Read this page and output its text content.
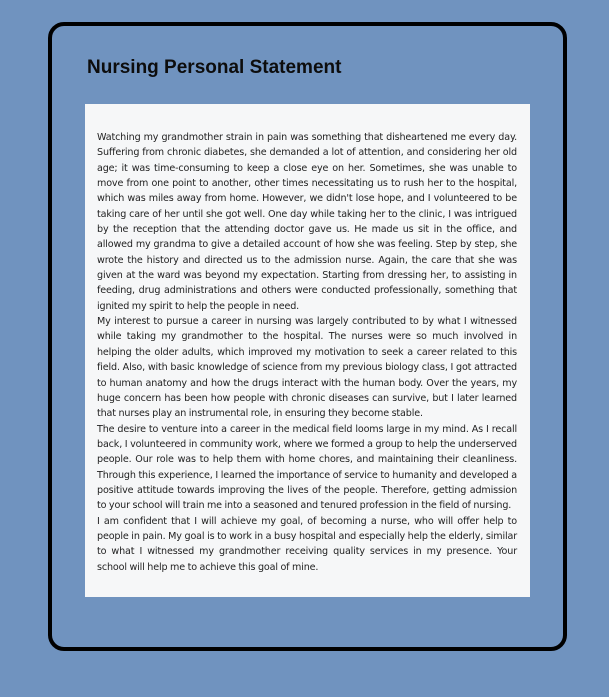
Nursing Personal Statement

Watching my grandmother strain in pain was something that disheartened me every day. Suffering from chronic diabetes, she demanded a lot of attention, and considering her old age; it was time-consuming to keep a close eye on her. Sometimes, she was unable to move from one point to another, other times necessitating us to rush her to the hospital, which was miles away from home. However, we didn't lose hope, and I volunteered to be taking care of her until she got well. One day while taking her to the clinic, I was intrigued by the reception that the attending doctor gave us. He made us sit in the office, and allowed my grandma to give a detailed account of how she was feeling. Step by step, she wrote the history and directed us to the admission nurse. Again, the care that she was given at the ward was beyond my expectation. Starting from dressing her, to assisting in feeding, drug administrations and others were conducted professionally, something that ignited my spirit to help the people in need.

My interest to pursue a career in nursing was largely contributed to by what I witnessed while taking my grandmother to the hospital. The nurses were so much involved in helping the older adults, which improved my motivation to seek a career related to this field. Also, with basic knowledge of science from my previous biology class, I got attracted to human anatomy and how the drugs interact with the human body. Over the years, my huge concern has been how people with chronic diseases can survive, but I later learned that nurses play an instrumental role, in ensuring they become stable.

The desire to venture into a career in the medical field looms large in my mind. As I recall back, I volunteered in community work, where we formed a group to help the underserved people. Our role was to help them with home chores, and maintaining their cleanliness. Through this experience, I learned the importance of service to humanity and developed a positive attitude towards improving the lives of the people. Therefore, getting admission to your school will train me into a seasoned and tenured profession in the field of nursing.

I am confident that I will achieve my goal, of becoming a nurse, who will offer help to people in pain. My goal is to work in a busy hospital and especially help the elderly, similar to what I witnessed my grandmother receiving quality services in my presence. Your school will help me to achieve this goal of mine.
